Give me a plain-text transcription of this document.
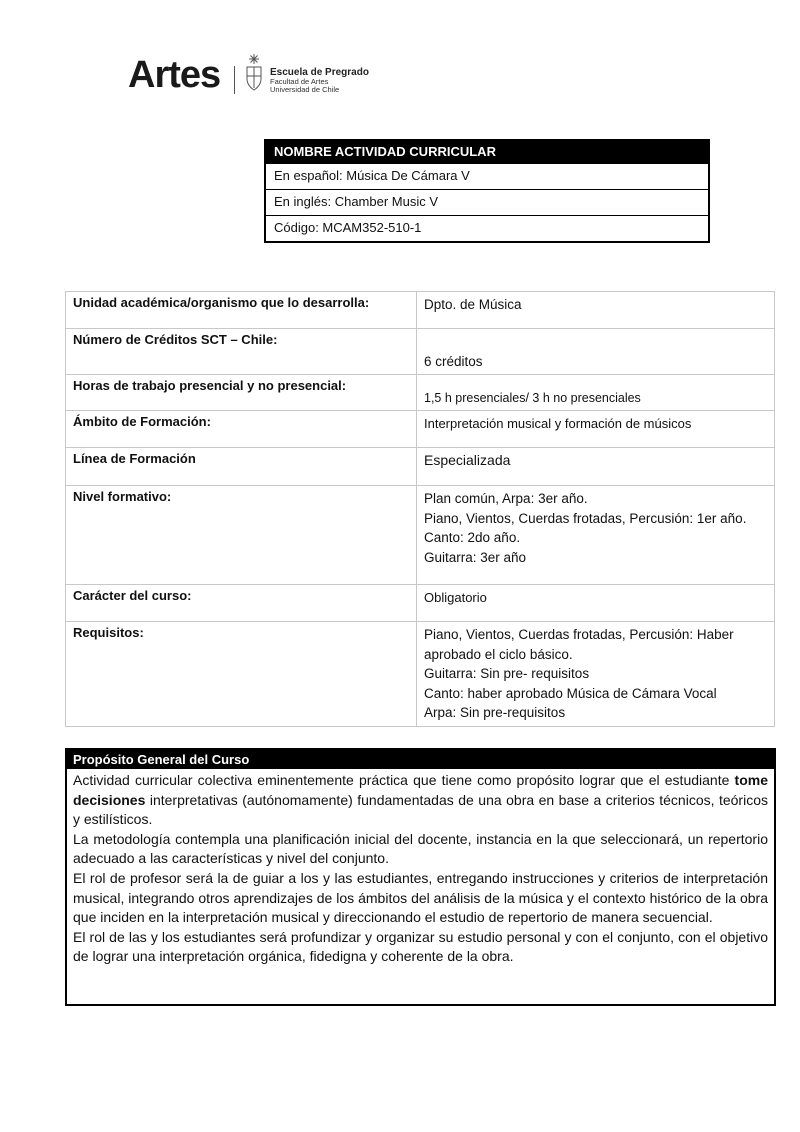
Artes	Escuela de Pregrado
Facultad de Artes
Universidad de Chile
NOMBRE ACTIVIDAD CURRICULAR
En español: Música De Cámara V
En inglés: Chamber Music V
Código: MCAM352-510-1
Unidad académica/organismo que lo desarrolla:	Dpto. de Música
Número de Créditos SCT – Chile:	6 créditos
Horas de trabajo presencial y no presencial:	1,5 h presenciales/ 3 h no presenciales
Ámbito de Formación:	Interpretación musical y formación de músicos
Línea de Formación	Especializada
Nivel formativo:	Plan común, Arpa: 3er año.
Piano, Vientos, Cuerdas frotadas, Percusión: 1er año.
Canto: 2do año.
Guitarra: 3er año

Carácter del curso:	Obligatorio
Requisitos:	Piano, Vientos, Cuerdas frotadas, Percusión: Haber aprobado el ciclo básico.
Guitarra: Sin pre- requisitos
Canto: haber aprobado Música de Cámara Vocal
Arpa: Sin pre-requisitos
Propósito General del Curso

Actividad curricular colectiva eminentemente práctica que tiene como propósito lograr que el estudiante tome decisiones interpretativas (autónomamente) fundamentadas de una obra en base a criterios técnicos, teóricos y estilísticos.

La metodología contempla una planificación inicial del docente, instancia en la que seleccionará, un repertorio adecuado a las características y nivel del conjunto.

El rol de profesor será la de guiar a los y las estudiantes, entregando instrucciones y criterios de interpretación musical, integrando otros aprendizajes de los ámbitos del análisis de la música y el contexto histórico de la obra que inciden en la interpretación musical y direccionando el estudio de repertorio de manera secuencial.

El rol de las y los estudiantes será profundizar y organizar su estudio personal y con el conjunto, con el objetivo de lograr una interpretación orgánica, fidedigna y coherente de la obra.
